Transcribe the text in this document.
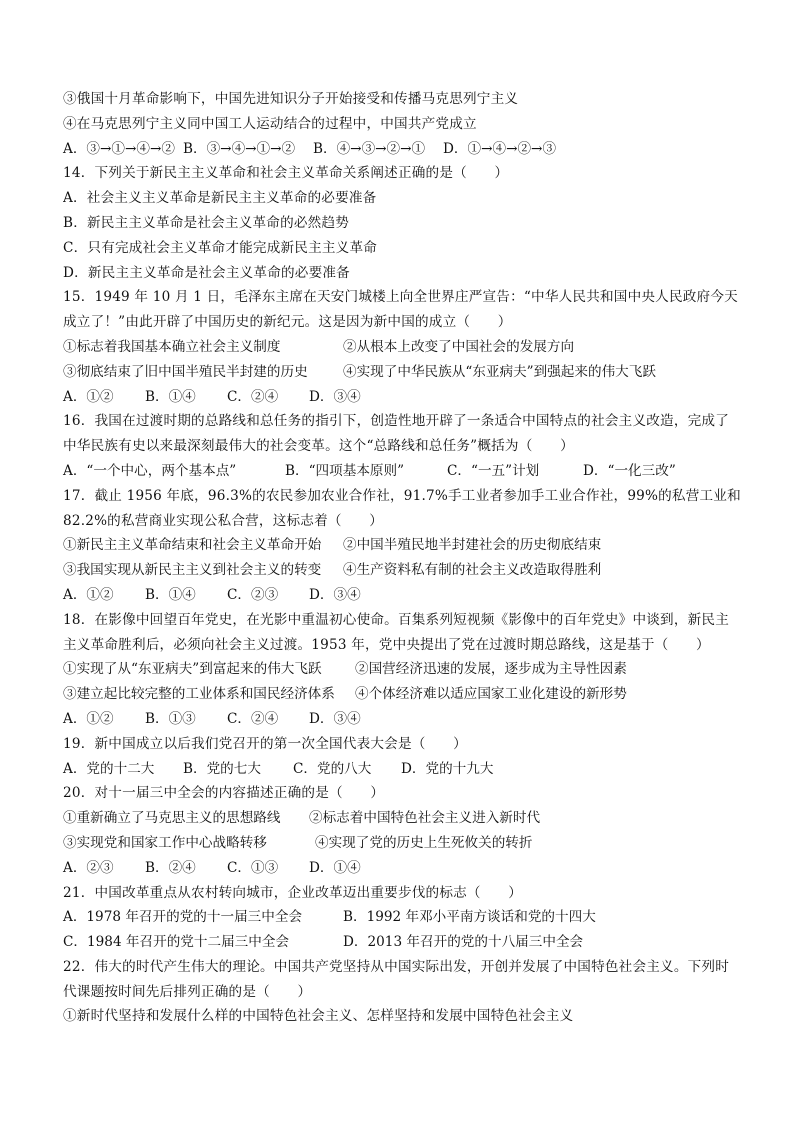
③俄国十月革命影响下，中国先进知识分子开始接受和传播马克思列宁主义
④在马克思列宁主义同中国工人运动结合的过程中，中国共产党成立
A．③→①→④→② B．③→④→①→②	B．④→③→②→①	D．①→④→②→③
14．下列关于新民主主义革命和社会主义革命关系阐述正确的是（　　）
A．社会主义主义革命是新民主主义革命的必要准备
B．新民主主义革命是社会主义革命的必然趋势
C．只有完成社会主义革命才能完成新民主主义革命
D．新民主主义革命是社会主义革命的必要准备
15．1949 年 10 月 1 日，毛泽东主席在天安门城楼上向全世界庄严宣告：“中华人民共和国中央人民政府今天
成立了！”由此开辟了中国历史的新纪元。这是因为新中国的成立（　　）
①标志着我国基本确立社会主义制度	②从根本上改变了中国社会的发展方向
③彻底结束了旧中国半殖民半封建的历史	④实现了中华民族从“东亚病夫”到强起来的伟大飞跃
A．①②	B．①④	C．②④	D．③④
16．我国在过渡时期的总路线和总任务的指引下，创造性地开辟了一条适合中国特点的社会主义改造，完成了
中华民族有史以来最深刻最伟大的社会变革。这个“总路线和总任务”概括为（　　）
A．“一个中心，两个基本点”	B．“四项基本原则”	C．“一五”计划	D．“一化三改”
17．截止 1956 年底，96.3%的农民参加农业合作社，91.7%手工业者参加手工业合作社，99%的私营工业和
82.2%的私营商业实现公私合营，这标志着（　　）
①新民主主义革命结束和社会主义革命开始	②中国半殖民地半封建社会的历史彻底结束
③我国实现从新民主主义到社会主义的转变	④生产资料私有制的社会主义改造取得胜利
A．①②	B．①④	C．②③	D．③④
18．在影像中回望百年党史，在光影中重温初心使命。百集系列短视频《影像中的百年党史》中谈到，新民主
主义革命胜利后，必须向社会主义过渡。1953 年，党中央提出了党在过渡时期总路线，这是基于（　　）
①实现了从“东亚病夫”到富起来的伟大飞跃	②国营经济迅速的发展，逐步成为主导性因素
③建立起比较完整的工业体系和国民经济体系	④个体经济难以适应国家工业化建设的新形势
A．①②	B．①③	C．②④	D．③④
19．新中国成立以后我们党召开的第一次全国代表大会是（　　）
A．党的十二大	B．党的七大	C．党的八大	D．党的十九大
20．对十一届三中全会的内容描述正确的是（　　）
①重新确立了马克思主义的思想路线	②标志着中国特色社会主义进入新时代
③实现党和国家工作中心战略转移	④实现了党的历史上生死攸关的转折
A．②③	B．②④	C．①③	D．①④
21．中国改革重点从农村转向城市，企业改革迈出重要步伐的标志（　　）
A．1978 年召开的党的十一届三中全会	B．1992 年邓小平南方谈话和党的十四大
C．1984 年召开的党十二届三中全会	D．2013 年召开的党的十八届三中全会
22．伟大的时代产生伟大的理论。中国共产党坚持从中国实际出发，开创并发展了中国特色社会主义。下列时
代课题按时间先后排列正确的是（　　）
①新时代坚持和发展什么样的中国特色社会主义、怎样坚持和发展中国特色社会主义
